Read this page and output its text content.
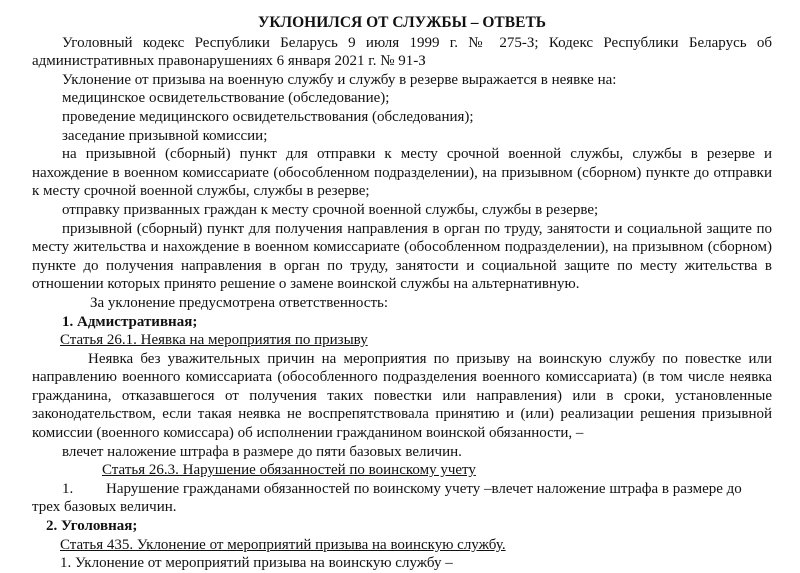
УКЛОНИЛСЯ ОТ СЛУЖБЫ – ОТВЕТЬ

Уголовный кодекс Республики Беларусь 9 июля 1999 г. № 275-З; Кодекс Республики Беларусь об административных правонарушениях 6 января 2021 г. № 91-З

Уклонение от призыва на военную службу и службу в резерве выражается в неявке на:

медицинское освидетельствование (обследование);

проведение медицинского освидетельствования (обследования);

заседание призывной комиссии;

на призывной (сборный) пункт для отправки к месту срочной военной службы, службы в резерве и нахождение в военном комиссариате (обособленном подразделении), на призывном (сборном) пункте до отправки к месту срочной военной службы, службы в резерве;

отправку призванных граждан к месту срочной военной службы, службы в резерве;

призывной (сборный) пункт для получения направления в орган по труду, занятости и социальной защите по месту жительства и нахождение в военном комиссариате (обособленном подразделении), на призывном (сборном) пункте до получения направления в орган по труду, занятости и социальной защите по месту жительства в отношении которых принято решение о замене воинской службы на альтернативную.

За уклонение предусмотрена ответственность:

1. Адмистративная;
Статья 26.1. Неявка на мероприятия по призыву

Неявка без уважительных причин на мероприятия по призыву на воинскую службу по повестке или направлению военного комиссариата (обособленного подразделения военного комиссариата) (в том числе неявка гражданина, отказавшегося от получения таких повестки или направления) или в сроки, установленные законодательством, если такая неявка не воспрепятствовала принятию и (или) реализации решения призывной комиссии (военного комиссара) об исполнении гражданином воинской обязанности, –

влечет наложение штрафа в размере до пяти базовых величин.

Статья 26.3. Нарушение обязанностей по воинскому учету

1. Нарушение гражданами обязанностей по воинскому учету –влечет наложение штрафа в размере до трех базовых величин.

2. Уголовная;
Статья 435. Уклонение от мероприятий призыва на воинскую службу.

1. Уклонение от мероприятий призыва на воинскую службу –
